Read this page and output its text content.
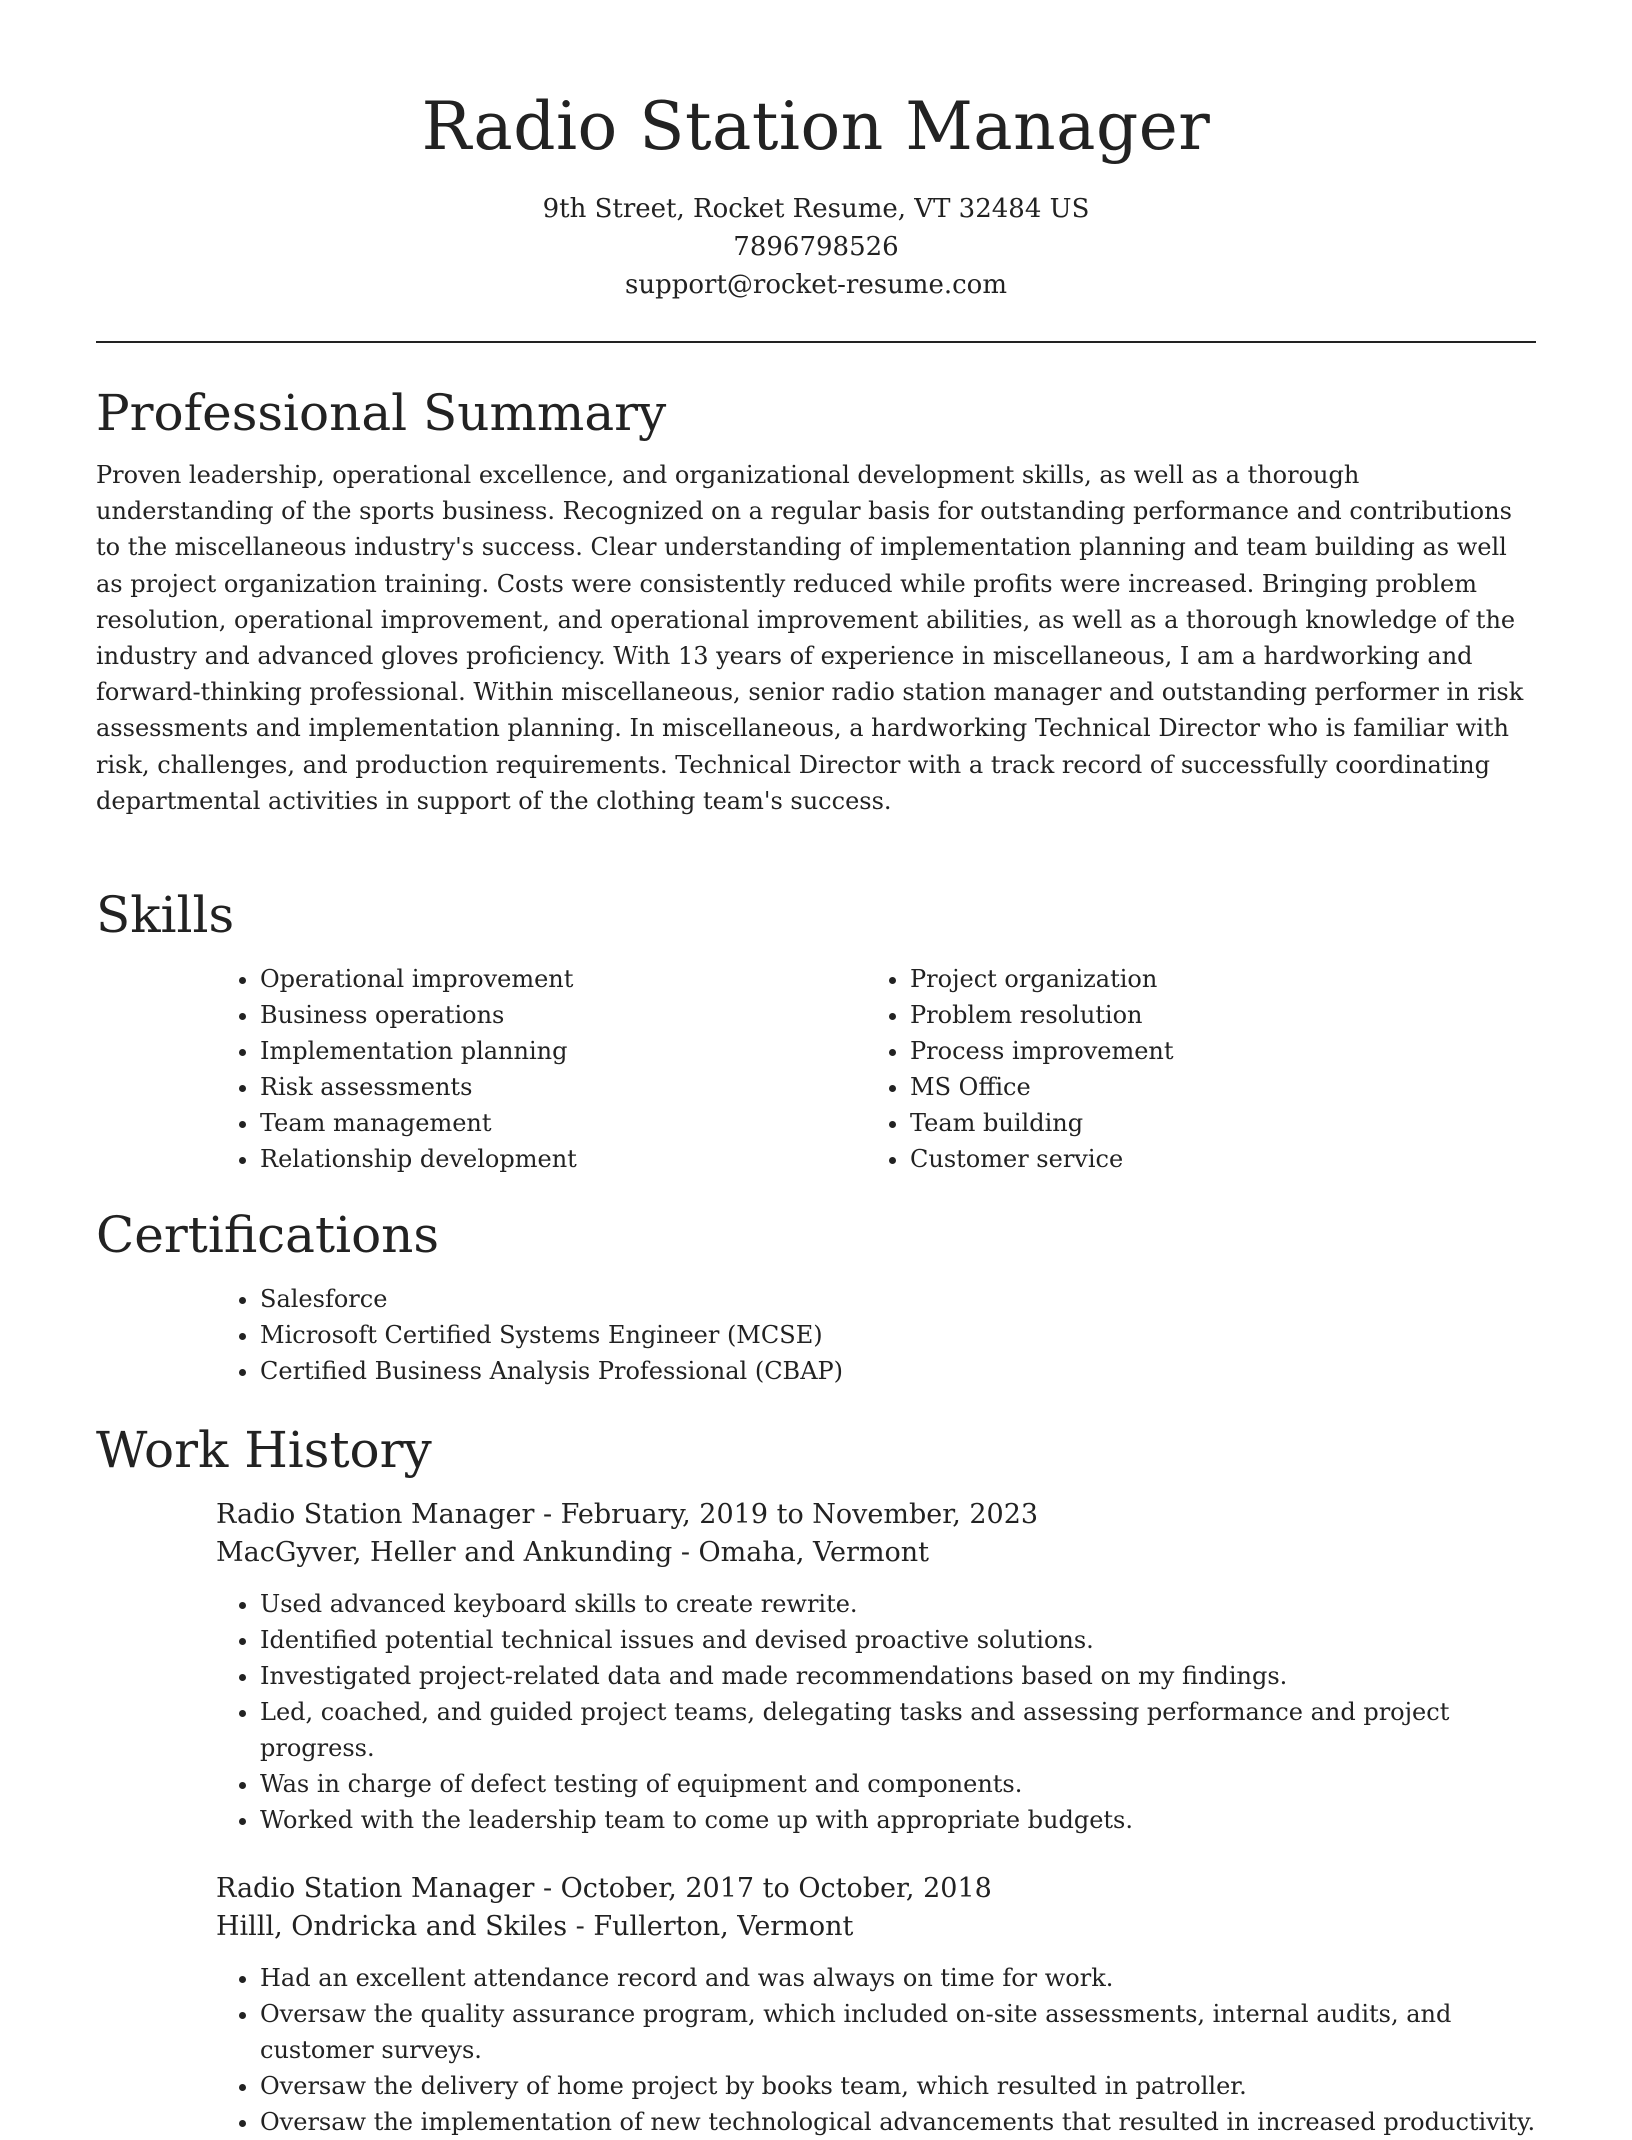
Radio Station Manager

9th Street, Rocket Resume, VT 32484 US

7896798526

support@rocket-resume.com

Professional Summary

Proven leadership, operational excellence, and organizational development skills, as well as a thorough understanding of the sports business. Recognized on a regular basis for outstanding performance and contributions to the miscellaneous industry's success. Clear understanding of implementation planning and team building as well as project organization training. Costs were consistently reduced while profits were increased. Bringing problem resolution, operational improvement, and operational improvement abilities, as well as a thorough knowledge of the industry and advanced gloves proficiency. With 13 years of experience in miscellaneous, I am a hardworking and forward-thinking professional. Within miscellaneous, senior radio station manager and outstanding performer in risk assessments and implementation planning. In miscellaneous, a hardworking Technical Director who is familiar with risk, challenges, and production requirements. Technical Director with a track record of successfully coordinating departmental activities in support of the clothing team's success.

Skills
• Operational improvement
• Business operations
• Implementation planning
• Risk assessments
• Team management
• Relationship development
• Project organization
• Problem resolution
• Process improvement
• MS Office
• Team building
• Customer service
Certifications
• Salesforce
• Microsoft Certified Systems Engineer (MCSE)
• Certified Business Analysis Professional (CBAP)
Work History

Radio Station Manager - February, 2019 to November, 2023

MacGyver, Heller and Ankunding - Omaha, Vermont

• Used advanced keyboard skills to create rewrite.
• Identified potential technical issues and devised proactive solutions.
• Investigated project-related data and made recommendations based on my findings.
• Led, coached, and guided project teams, delegating tasks and assessing performance and project progress.
• Was in charge of defect testing of equipment and components.
• Worked with the leadership team to come up with appropriate budgets.

Radio Station Manager - October, 2017 to October, 2018

Hilll, Ondricka and Skiles - Fullerton, Vermont

• Had an excellent attendance record and was always on time for work.
• Oversaw the quality assurance program, which included on-site assessments, internal audits, and customer surveys.
• Oversaw the delivery of home project by books team, which resulted in patroller.
• Oversaw the implementation of new technological advancements that resulted in increased productivity.
